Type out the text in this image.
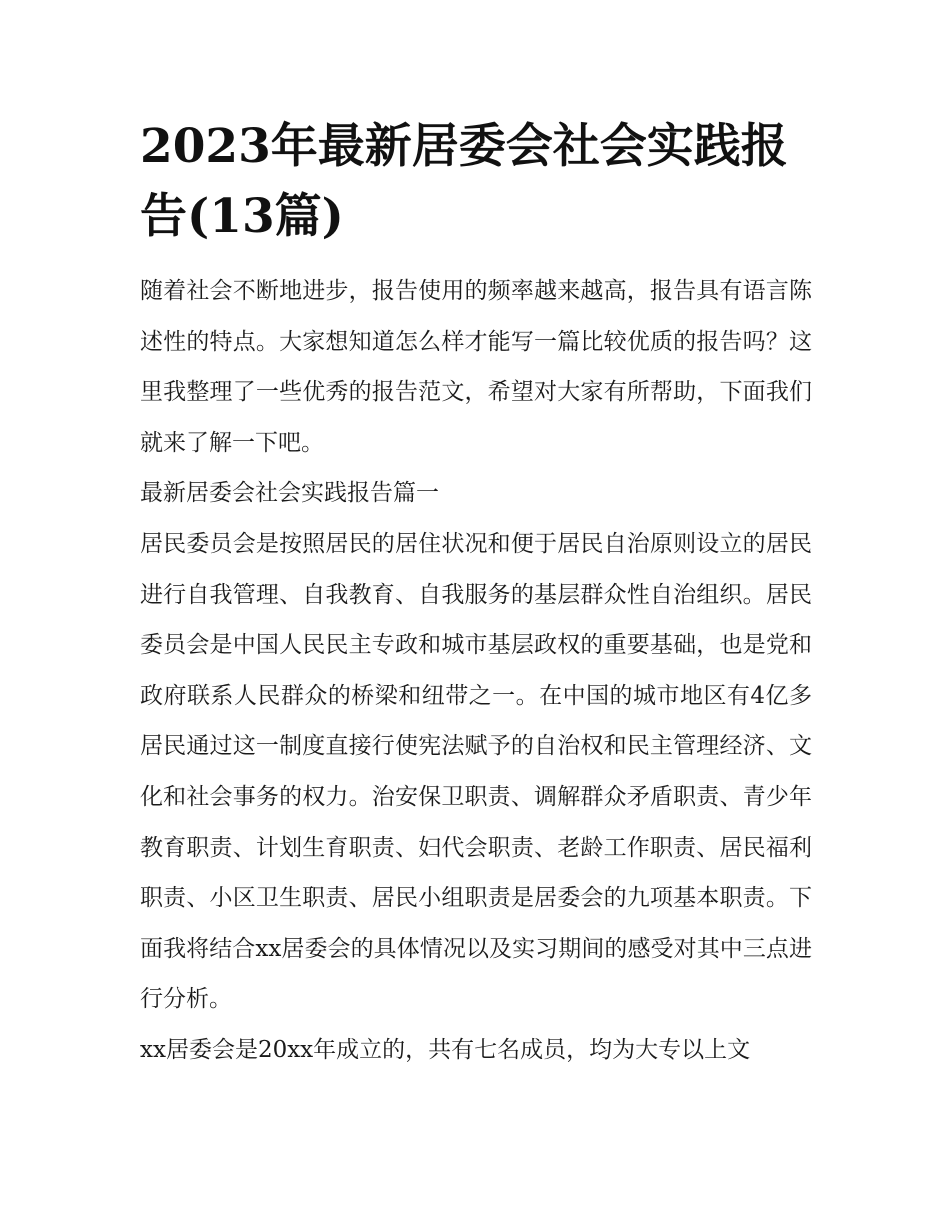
2023年最新居委会社会实践报告(13篇)

随着社会不断地进步，报告使用的频率越来越高，报告具有语言陈述性的特点。大家想知道怎么样才能写一篇比较优质的报告吗？这里我整理了一些优秀的报告范文，希望对大家有所帮助，下面我们就来了解一下吧。

最新居委会社会实践报告篇一

居民委员会是按照居民的居住状况和便于居民自治原则设立的居民进行自我管理、自我教育、自我服务的基层群众性自治组织。居民委员会是中国人民民主专政和城市基层政权的重要基础，也是党和政府联系人民群众的桥梁和纽带之一。在中国的城市地区有4亿多居民通过这一制度直接行使宪法赋予的自治权和民主管理经济、文化和社会事务的权力。治安保卫职责、调解群众矛盾职责、青少年教育职责、计划生育职责、妇代会职责、老龄工作职责、居民福利职责、小区卫生职责、居民小组职责是居委会的九项基本职责。下面我将结合xx居委会的具体情况以及实习期间的感受对其中三点进行分析。

xx居委会是20xx年成立的，共有七名成员，均为大专以上文
